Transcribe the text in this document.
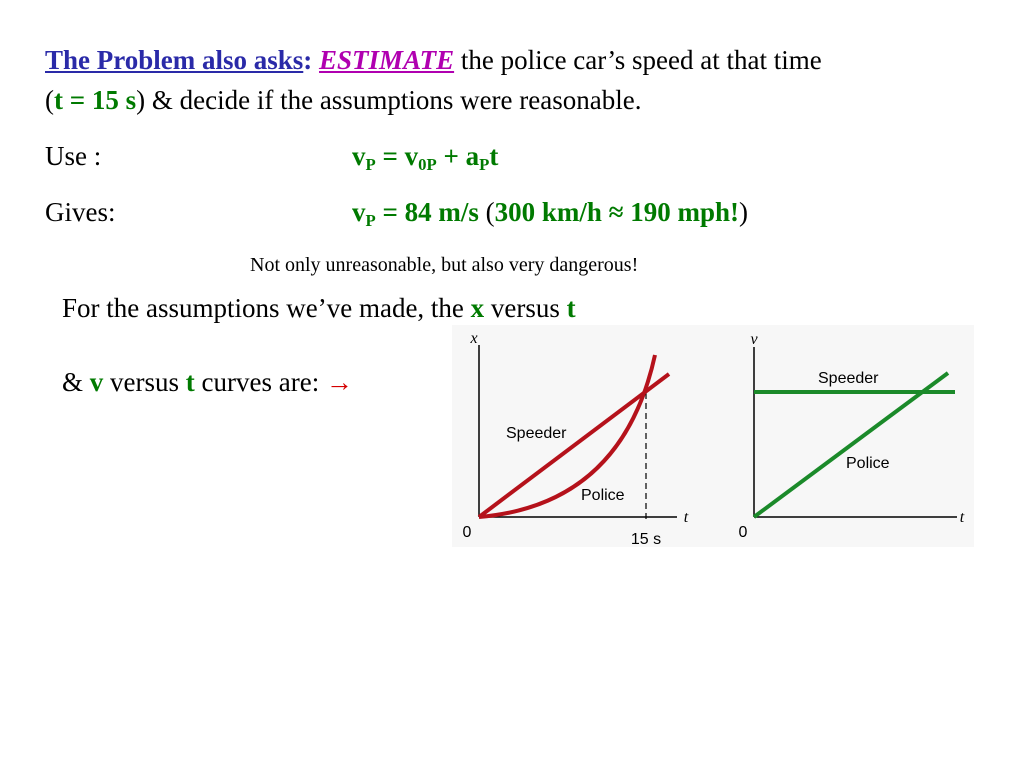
The Problem also asks: ESTIMATE the police car’s speed at that time
(t = 15 s) & decide if the assumptions were reasonable.
Use :	$v_P = v_{0P} + a_Pt$
Gives:	$v_P = 84$ m/s (300 km/h ≈ 190 mph!)
Not only unreasonable, but also very dangerous!
For the assumptions we’ve made, the x versus t
& v versus t curves are: →
x
t
0	15 s
Speeder
Police
v
t
0
Speeder
Police
